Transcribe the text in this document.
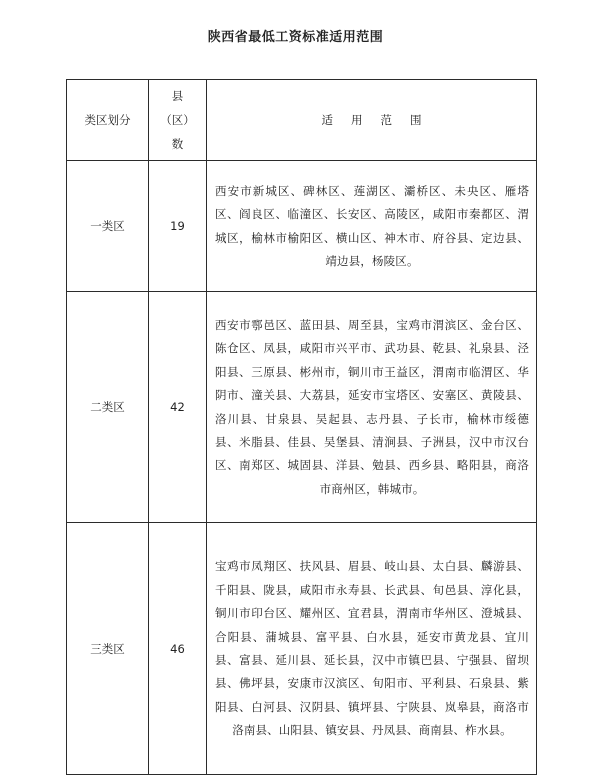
陕西省最低工资标准适用范围
类区划分	县
（区）
数	适用范围
一类区	19	西安市新城区、碑林区、莲湖区、灞桥区、未央区、雁塔区、阎良区、临潼区、长安区、高陵区，咸阳市秦都区、渭城区，榆林市榆阳区、横山区、神木市、府谷县、定边县、靖边县，杨陵区。
二类区	42	西安市鄠邑区、蓝田县、周至县，宝鸡市渭滨区、金台区、陈仓区、凤县，咸阳市兴平市、武功县、乾县、礼泉县、泾阳县、三原县、彬州市，铜川市王益区，渭南市临渭区、华阴市、潼关县、大荔县，延安市宝塔区、安塞区、黄陵县、洛川县、甘泉县、吴起县、志丹县、子长市，榆林市绥德县、米脂县、佳县、吴堡县、清涧县、子洲县，汉中市汉台区、南郑区、城固县、洋县、勉县、西乡县、略阳县，商洛市商州区，韩城市。
三类区	46	宝鸡市凤翔区、扶风县、眉县、岐山县、太白县、麟游县、千阳县、陇县，咸阳市永寿县、长武县、旬邑县、淳化县，铜川市印台区、耀州区、宜君县，渭南市华州区、澄城县、合阳县、蒲城县、富平县、白水县，延安市黄龙县、宜川县、富县、延川县、延长县，汉中市镇巴县、宁强县、留坝县、佛坪县，安康市汉滨区、旬阳市、平利县、石泉县、紫阳县、白河县、汉阴县、镇坪县、宁陕县、岚皋县，商洛市洛南县、山阳县、镇安县、丹凤县、商南县、柞水县。
